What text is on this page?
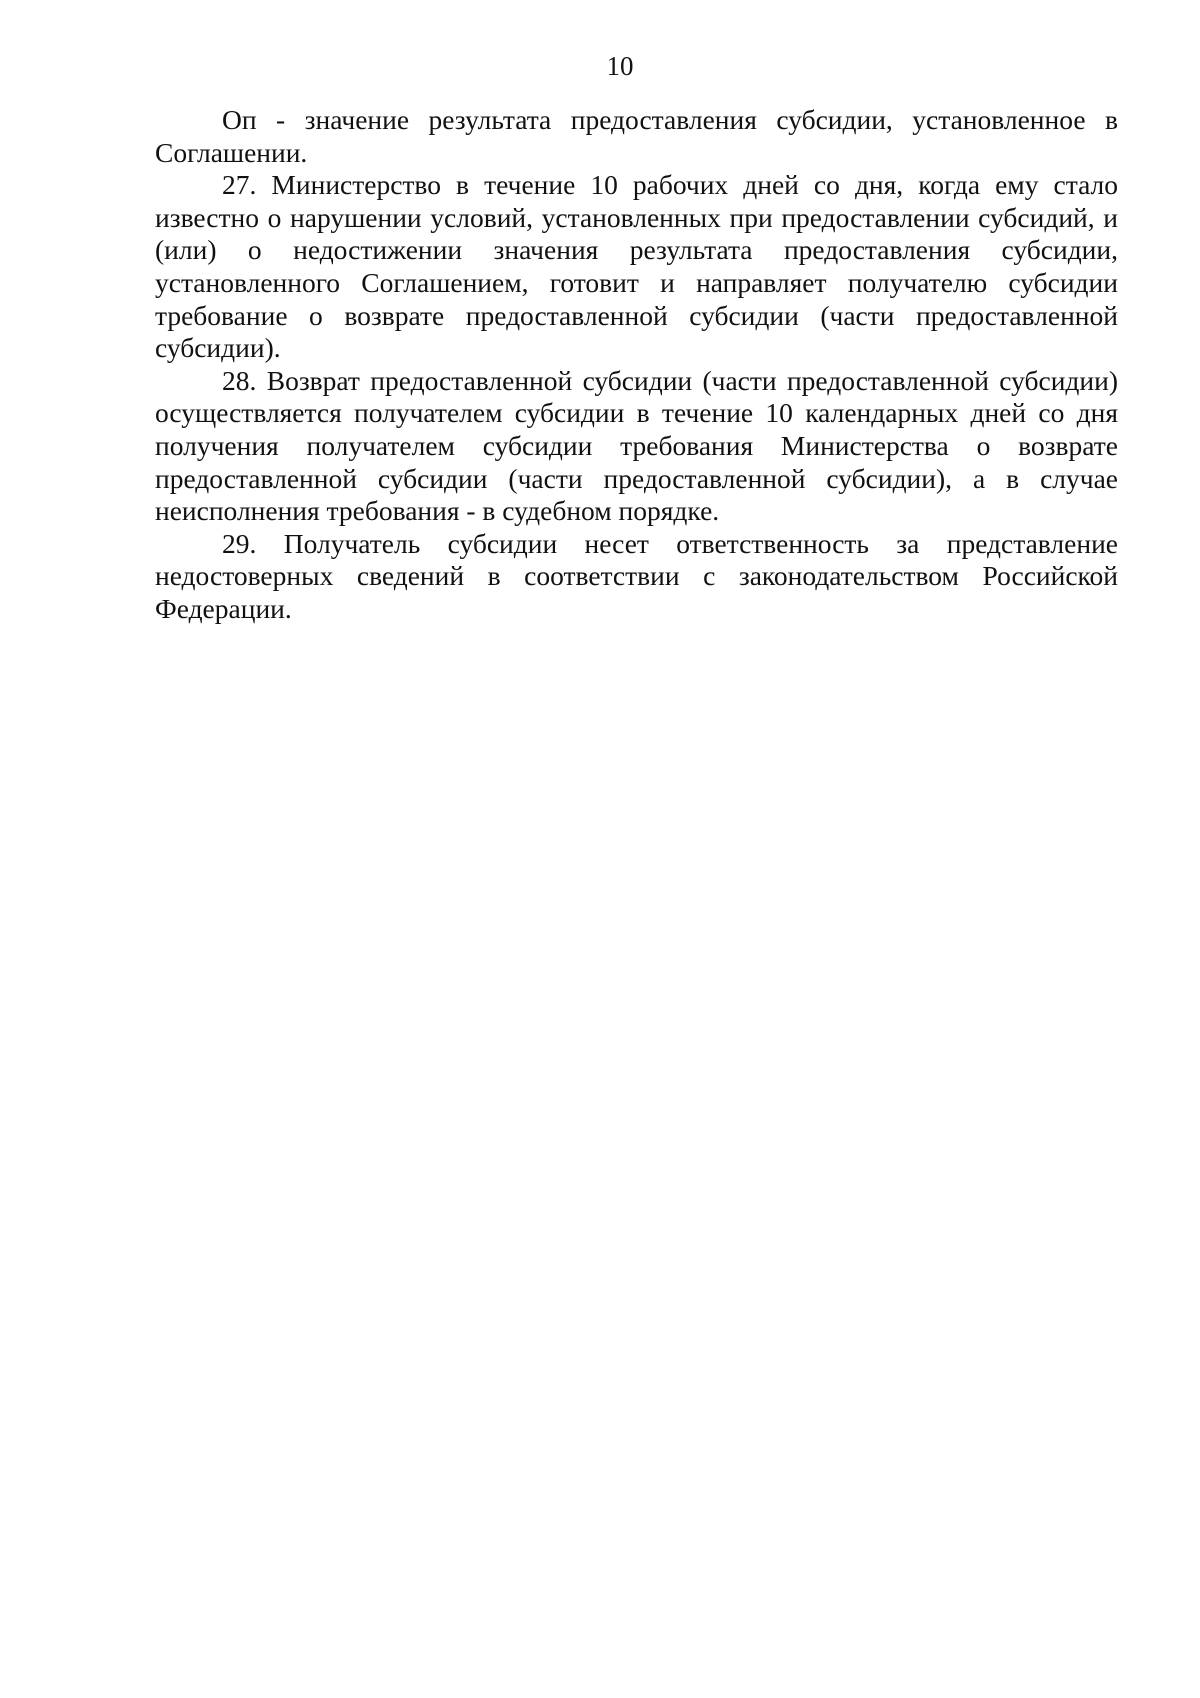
10

Оп - значение результата предоставления субсидии, установленное в Соглашении.

27. Министерство в течение 10 рабочих дней со дня, когда ему стало известно о нарушении условий, установленных при предоставлении субсидий, и (или) о недостижении значения результата предоставления субсидии, установленного Соглашением, готовит и направляет получателю субсидии требование о возврате предоставленной субсидии (части предоставленной субсидии).

28. Возврат предоставленной субсидии (части предоставленной субсидии) осуществляется получателем субсидии в течение 10 календарных дней со дня получения получателем субсидии требования Министерства о возврате предоставленной субсидии (части предоставленной субсидии), а в случае неисполнения требования - в судебном порядке.

29. Получатель субсидии несет ответственность за представление недостоверных сведений в соответствии с законодательством Российской Федерации.
